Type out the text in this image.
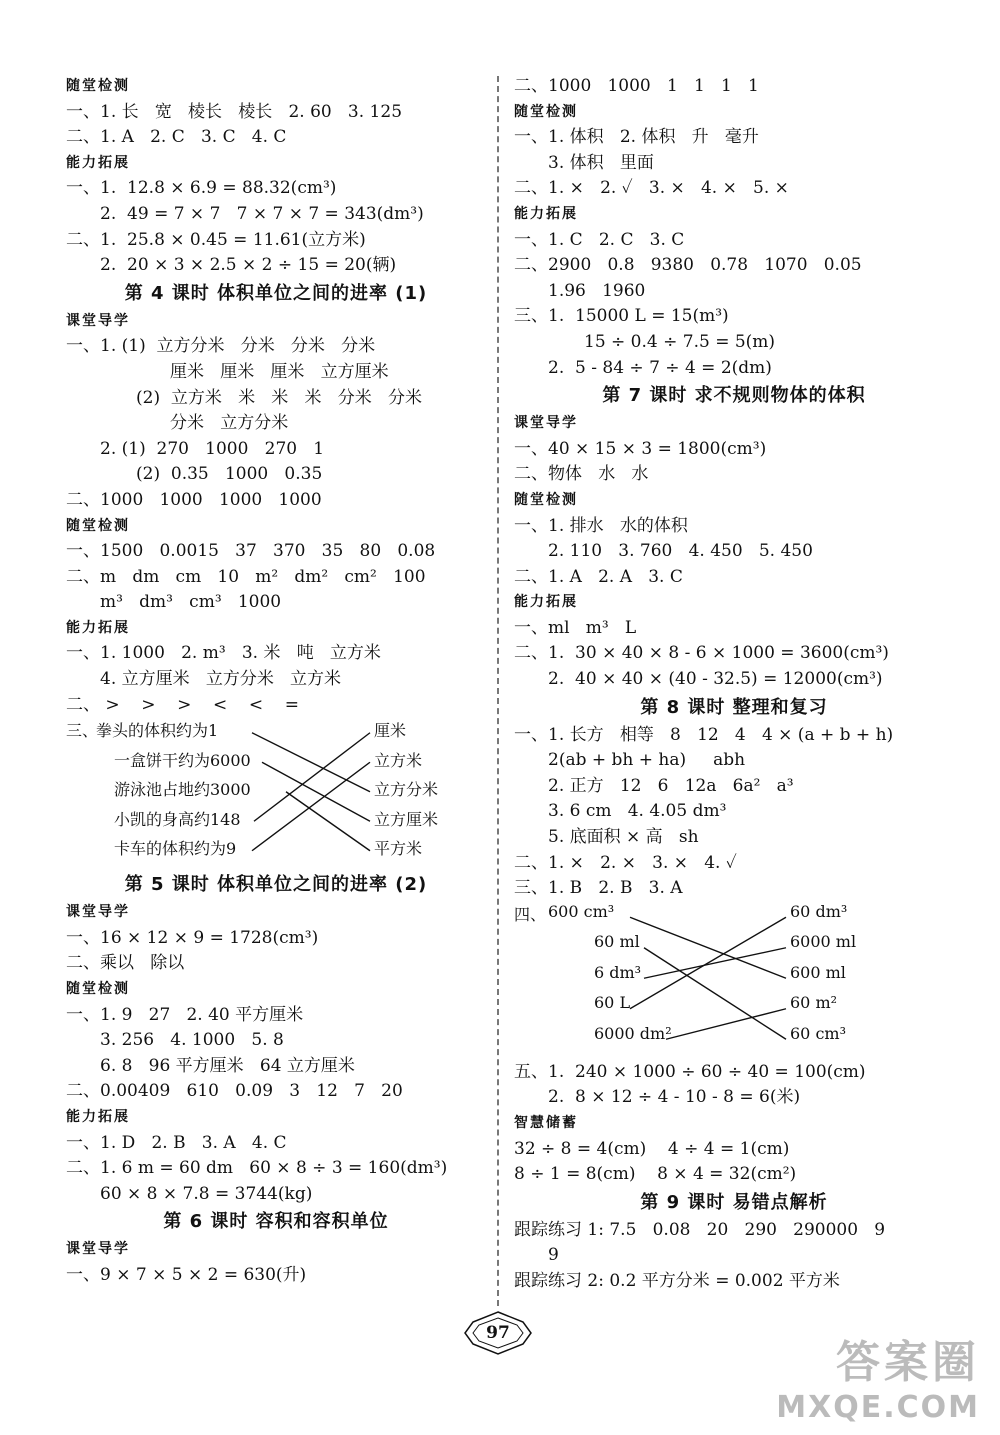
随堂检测
一、1. 长   宽   棱长   棱长   2. 60   3. 125
二、1. A   2. C   3. C   4. C
能力拓展
一、1.  12.8 × 6.9 = 88.32(cm³)
2.  49 = 7 × 7   7 × 7 × 7 = 343(dm³)
二、1.  25.8 × 0.45 = 11.61(立方米)
2.  20 × 3 × 2.5 × 2 ÷ 15 = 20(辆)
第 4 课时 体积单位之间的进率 (1)
课堂导学
一、1. (1)  立方分米   分米   分米   分米
厘米   厘米   厘米   立方厘米
(2)  立方米   米   米   米   分米   分米
分米   立方分米
2. (1)  270   1000   270   1
(2)  0.35   1000   0.35
二、1000   1000   1000   1000
随堂检测
一、1500   0.0015   37   370   35   80   0.08
二、m   dm   cm   10   m²   dm²   cm²   100
m³   dm³   cm³   1000
能力拓展
一、1. 1000   2. m³   3. 米   吨   立方米
4. 立方厘米   立方分米   立方米
二、 >    >    >    <    <    =
三、
拳头的体积约为1
一盒饼干约为6000
游泳池占地约3000
小凯的身高约148
卡车的体积约为9
厘米
立方米
立方分米
立方厘米
平方米
第 5 课时 体积单位之间的进率 (2)
课堂导学
一、16 × 12 × 9 = 1728(cm³)
二、乘以   除以
随堂检测
一、1. 9   27   2. 40 平方厘米
3. 256   4. 1000   5. 8
6. 8   96 平方厘米   64 立方厘米
二、0.00409   610   0.09   3   12   7   20
能力拓展
一、1. D   2. B   3. A   4. C
二、1. 6 m = 60 dm   60 × 8 ÷ 3 = 160(dm³)
60 × 8 × 7.8 = 3744(kg)
第 6 课时 容积和容积单位
课堂导学
一、9 × 7 × 5 × 2 = 630(升)
二、1000   1000   1   1   1   1
随堂检测
一、1. 体积   2. 体积   升   毫升
3. 体积   里面
二、1. ×   2. ✓   3. ×   4. ×   5. ×
能力拓展
一、1. C   2. C   3. C
二、2900   0.8   9380   0.78   1070   0.05
1.96   1960
三、1.  15000 L = 15(m³)
15 ÷ 0.4 ÷ 7.5 = 5(m)
2.  5 - 84 ÷ 7 ÷ 4 = 2(dm)
第 7 课时 求不规则物体的体积
课堂导学
一、40 × 15 × 3 = 1800(cm³)
二、物体   水   水
随堂检测
一、1. 排水   水的体积
2. 110   3. 760   4. 450   5. 450
二、1. A   2. A   3. C
能力拓展
一、ml   m³   L
二、1.  30 × 40 × 8 - 6 × 1000 = 3600(cm³)
2.  40 × 40 × (40 - 32.5) = 12000(cm³)
第 8 课时 整理和复习
一、1. 长方   相等   8   12   4   4 × (a + b + h)
2(ab + bh + ha)     abh
2. 正方   12   6   12a   6a²   a³
3. 6 cm   4. 4.05 dm³
5. 底面积 × 高   sh
二、1. ×   2. ×   3. ×   4. ✓
三、1. B   2. B   3. A
四、 600 cm³
60 ml
6 dm³
60 L
6000 dm²
60 dm³
6000 ml
600 ml
60 m²
60 cm³
五、1.  240 × 1000 ÷ 60 ÷ 40 = 100(cm)
2.  8 × 12 ÷ 4 - 10 - 8 = 6(米)
智慧储蓄
32 ÷ 8 = 4(cm)    4 ÷ 4 = 1(cm)
8 ÷ 1 = 8(cm)    8 × 4 = 32(cm²)
第 9 课时 易错点解析
跟踪练习 1: 7.5   0.08   20   290   290000   9
9
跟踪练习 2: 0.2 平方分米 = 0.002 平方米
97
答案圈
MXQE.COM
